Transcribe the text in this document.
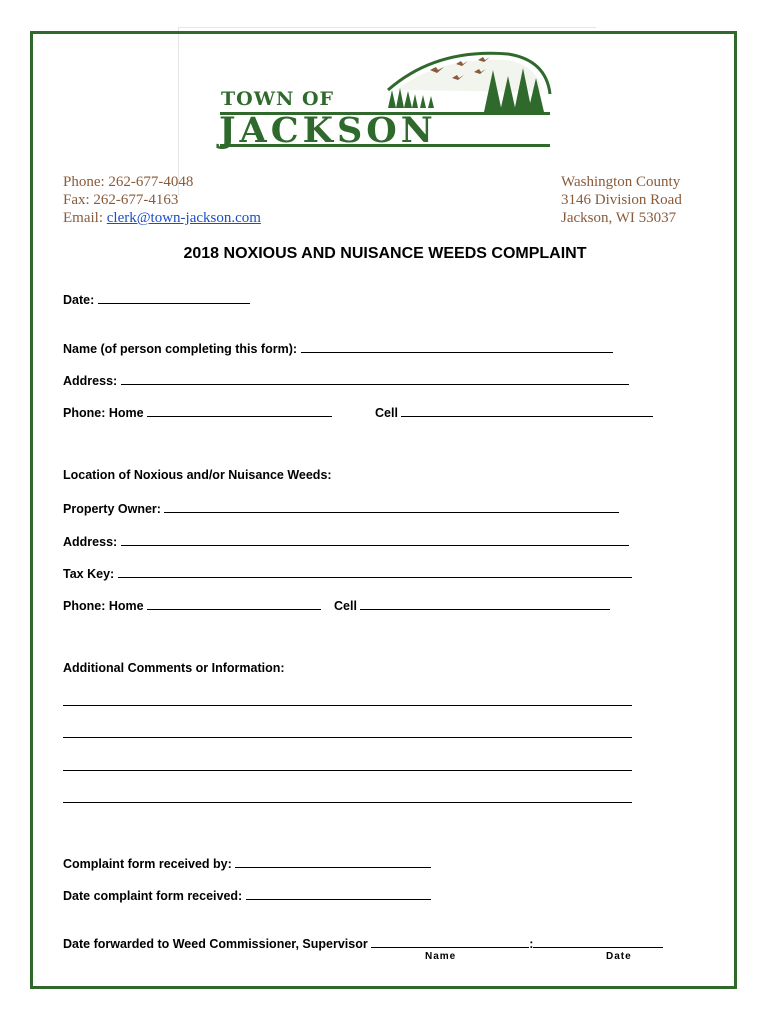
TOWN OF
JACKSON
Phone: 262-677-4048
Fax: 262-677-4163
Email: clerk@town-jackson.com
Washington County
3146 Division Road
Jackson, WI 53037
2018 NOXIOUS AND NUISANCE WEEDS COMPLAINT
Date:
Name (of person completing this form):
Address:
Phone: Home	Cell
Location of Noxious and/or Nuisance Weeds:
Property Owner:
Address:
Tax Key:
Phone: Home	Cell
Additional Comments or Information:
Complaint form received by:
Date complaint form received:
Date forwarded to Weed Commissioner, Supervisor	:
Name	Date
